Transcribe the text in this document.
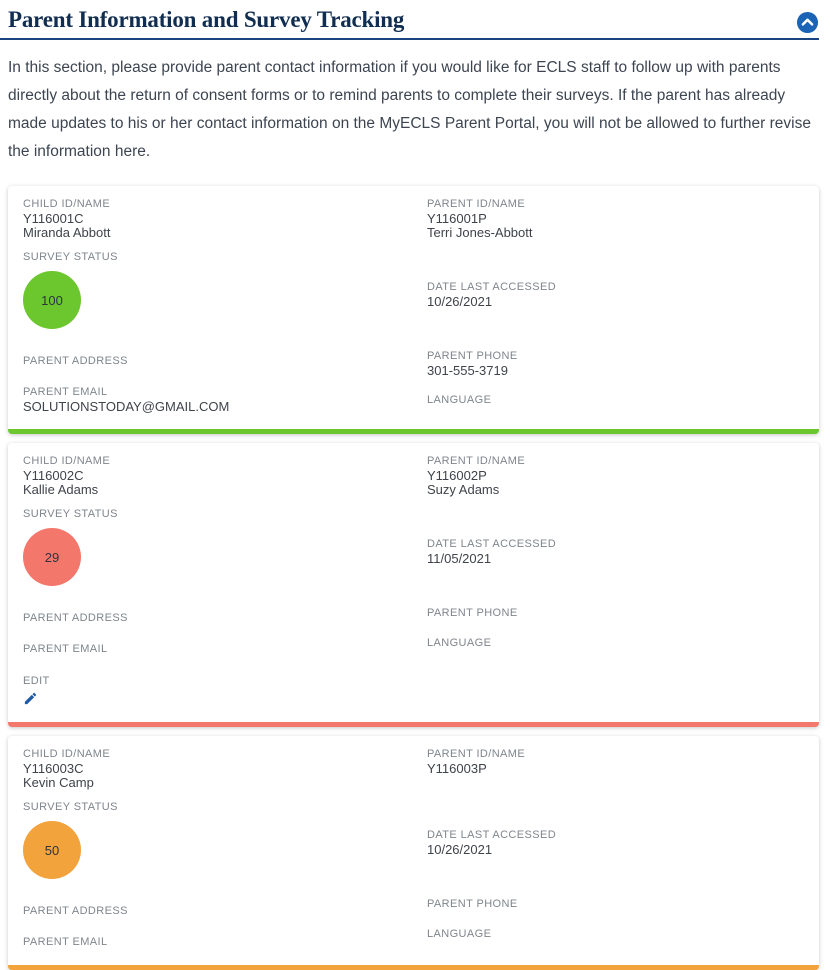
Parent Information and Survey Tracking

In this section, please provide parent contact information if you would like for ECLS staff to follow up with parents directly about the return of consent forms or to remind parents to complete their surveys. If the parent has already made updates to his or her contact information on the MyECLS Parent Portal, you will not be allowed to further revise the information here.

CHILD ID/NAME
Y116001C
Miranda Abbott
SURVEY STATUS
100
PARENT ADDRESS
PARENT EMAIL
SOLUTIONSTODAY@GMAIL.COM
PARENT ID/NAME
Y116001P
Terri Jones-Abbott
DATE LAST ACCESSED
10/26/2021
PARENT PHONE
301-555-3719
LANGUAGE
CHILD ID/NAME
Y116002C
Kallie Adams
SURVEY STATUS
29
PARENT ADDRESS
PARENT EMAIL
EDIT
PARENT ID/NAME
Y116002P
Suzy Adams
DATE LAST ACCESSED
11/05/2021
PARENT PHONE
LANGUAGE
CHILD ID/NAME
Y116003C
Kevin Camp
SURVEY STATUS
50
PARENT ADDRESS
PARENT EMAIL
PARENT ID/NAME
Y116003P
DATE LAST ACCESSED
10/26/2021
PARENT PHONE
LANGUAGE
